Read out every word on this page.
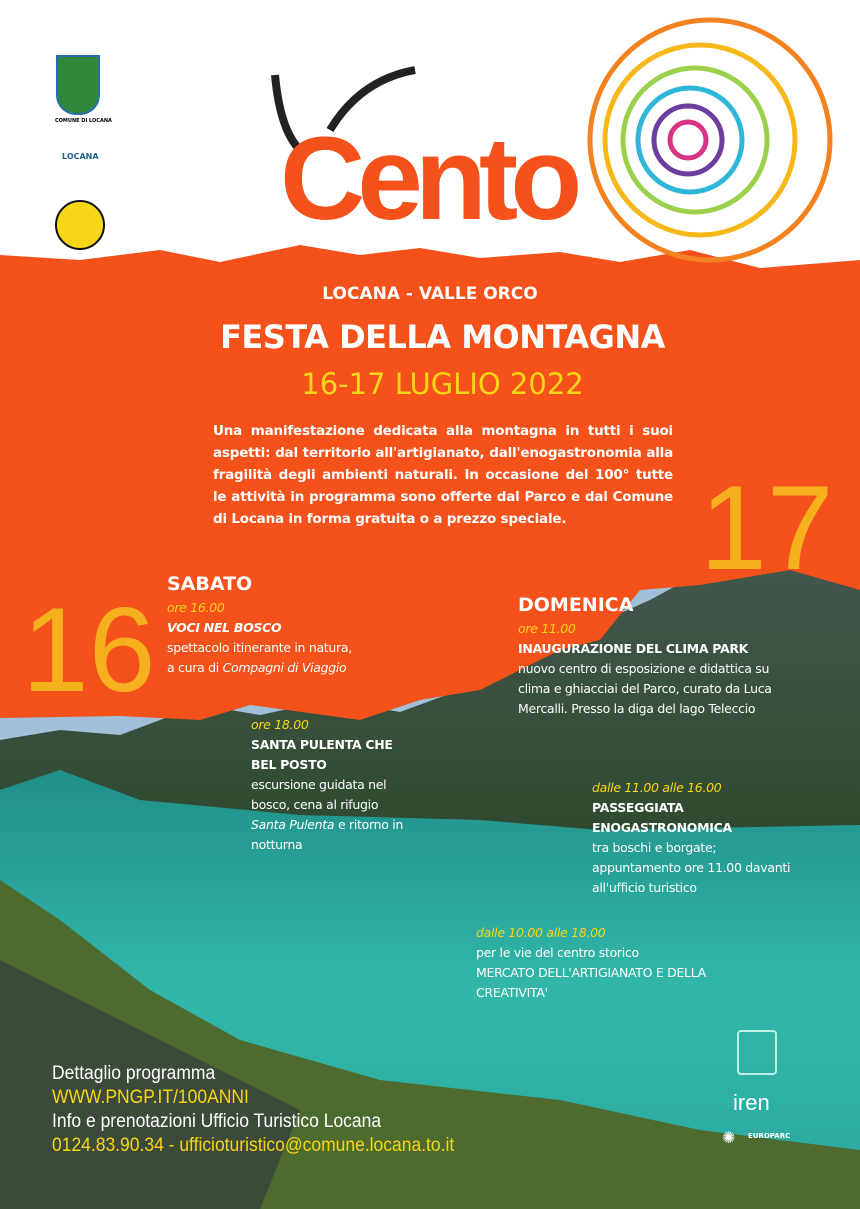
COMUNE DI LOCANA
LOCANA Cento
LOCANA - VALLE ORCO
FESTA DELLA MONTAGNA
16-17 LUGLIO 2022
Una manifestazione dedicata alla montagna in tutti i suoi aspetti: dal territorio all'artigianato, dall'enogastronomia alla fragilità degli ambienti naturali. In occasione del 100° tutte le attività in programma sono offerte dal Parco e dal Comune di Locana in forma gratuita o a prezzo speciale.
16
17
SABATO
ore 16.00
VOCI NEL BOSCO
spettacolo itinerante in natura,
a cura di Compagni di Viaggio
ore 18.00
SANTA PULENTA CHE BEL POSTO
escursione guidata nel bosco, cena al rifugio Santa Pulenta e ritorno in notturna
DOMENICA
ore 11.00
INAUGURAZIONE DEL CLIMA PARK
nuovo centro di esposizione e didattica su clima e ghiacciai del Parco, curato da Luca Mercalli. Presso la diga del lago Teleccio
dalle 11.00 alle 16.00
PASSEGGIATA ENOGASTRONOMICA
tra boschi e borgate; appuntamento ore 11.00 davanti all'ufficio turistico
dalle 10.00 alle 18.00
per le vie del centro storico
MERCATO DELL'ARTIGIANATO E DELLA CREATIVITA'
Dettaglio programma
WWW.PNGP.IT/100ANNI
Info e prenotazioni Ufficio Turistico Locana
0124.83.90.34 - ufficioturistico@comune.locana.to.it
iren
✺ EUROPARC
